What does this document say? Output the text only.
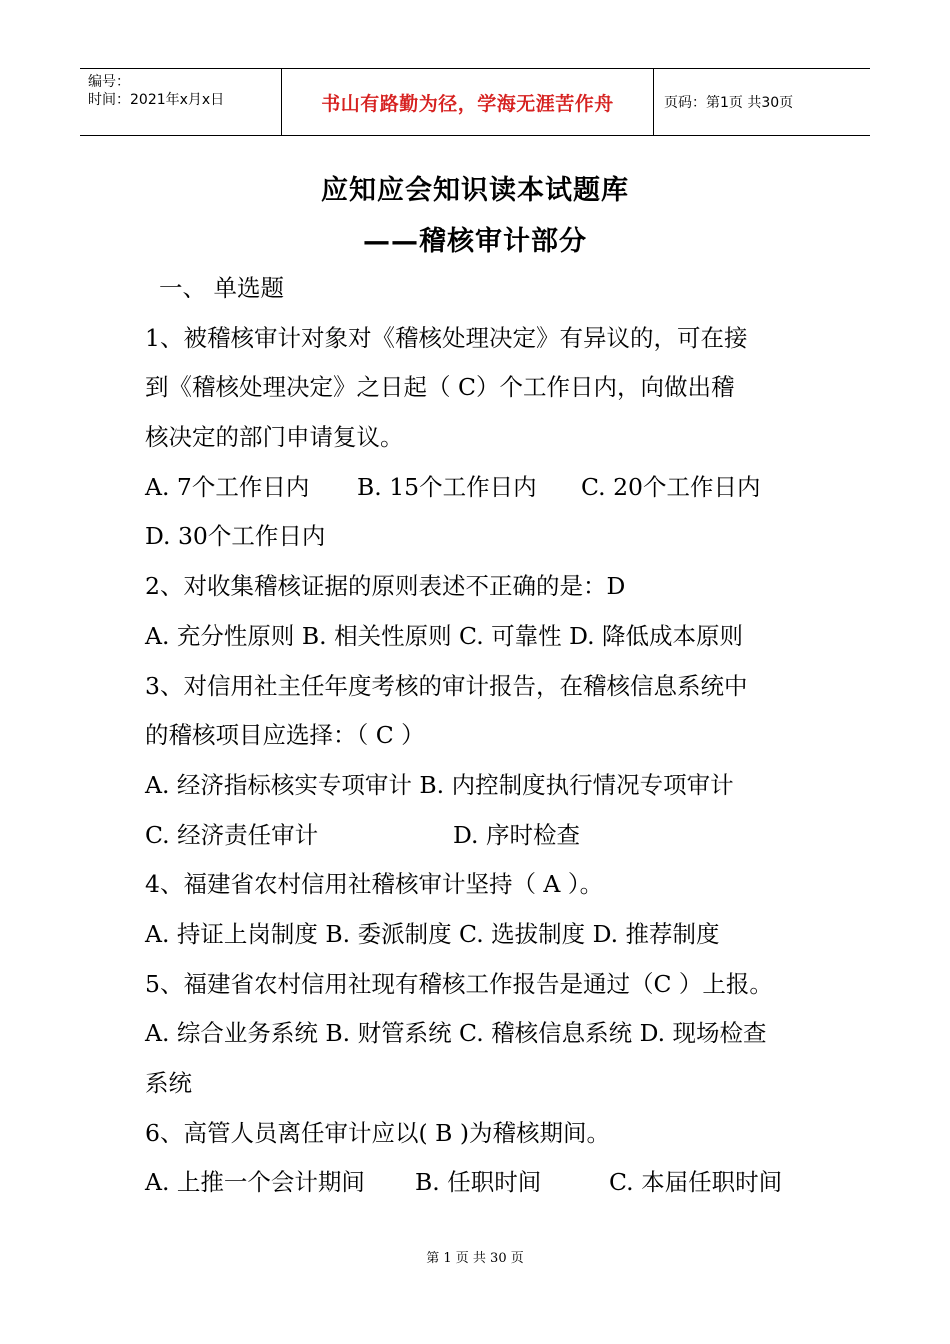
编号：
时间：2021年x月x日	书山有路勤为径，学海无涯苦作舟	页码：第1页 共30页
应知应会知识读本试题库
——稽核审计部分
一、 单选题
1、被稽核审计对象对《稽核处理决定》有异议的，可在接
到《稽核处理决定》之日起（ C）个工作日内，向做出稽
核决定的部门申请复议。
A. 7个工作日内 B. 15个工作日内 C. 20个工作日内
D. 30个工作日内
2、对收集稽核证据的原则表述不正确的是：D
A. 充分性原则 B. 相关性原则 C. 可靠性 D. 降低成本原则
3、对信用社主任年度考核的审计报告，在稽核信息系统中
的稽核项目应选择：（ C ）
A. 经济指标核实专项审计 B. 内控制度执行情况专项审计
C. 经济责任审计	D. 序时检查
4、福建省农村信用社稽核审计坚持（ A ）。
A. 持证上岗制度 B. 委派制度 C. 选拔制度 D. 推荐制度
5、福建省农村信用社现有稽核工作报告是通过（C ）上报。
A. 综合业务系统 B. 财管系统 C. 稽核信息系统 D. 现场检查
系统
6、高管人员离任审计应以( B )为稽核期间。
A. 上推一个会计期间 B. 任职时间	C. 本届任职时间
第 1 页 共 30 页
